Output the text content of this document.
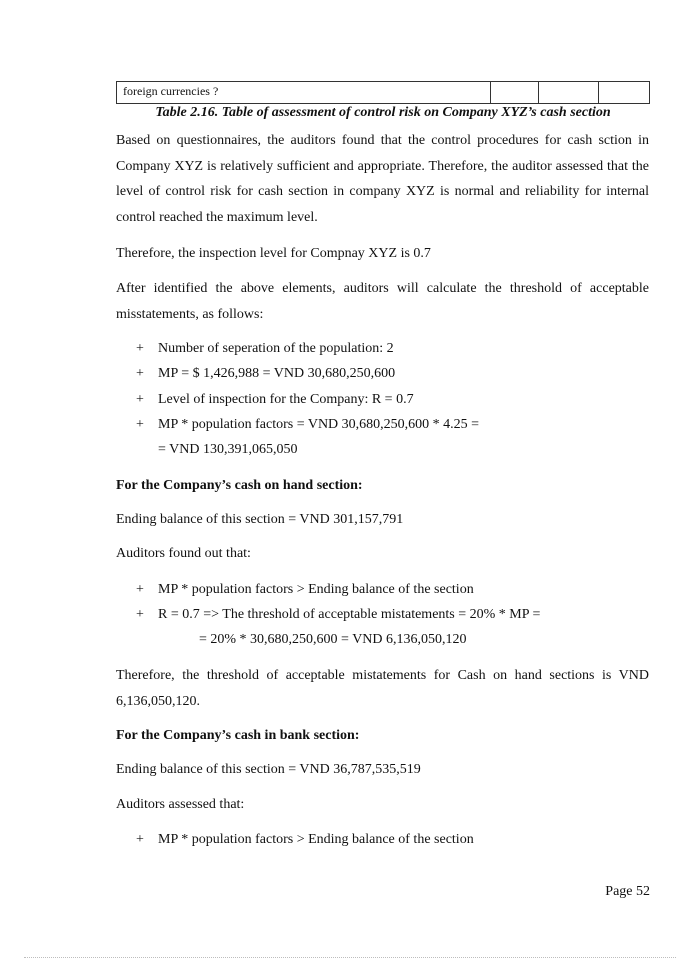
foreign currencies ?
Table 2.16. Table of assessment of control risk on Company XYZ’s cash section

Based on questionnaires, the auditors found that the control procedures for cash sction in Company XYZ is relatively sufficient and appropriate. Therefore, the auditor assessed that the level of control risk for cash section in company XYZ is normal and reliability for internal control reached the maximum level.

Therefore, the inspection level for Compnay XYZ is 0.7

After identified the above elements, auditors will calculate the threshold of acceptable misstatements, as follows:

+ Number of seperation of the population: 2
+ MP = $ 1,426,988 = VND 30,680,250,600
+ Level of inspection for the Company: R = 0.7
+ MP * population factors = VND 30,680,250,600 * 4.25 =
= VND 130,391,065,050
For the Company’s cash on hand section:

Ending balance of this section = VND 301,157,791

Auditors found out that:

+ MP * population factors > Ending balance of the section
+ R = 0.7 => The threshold of acceptable mistatements = 20% * MP =
= 20% * 30,680,250,600 = VND 6,136,050,120

Therefore, the threshold of acceptable mistatements for Cash on hand sections is VND 6,136,050,120.

For the Company’s cash in bank section:

Ending balance of this section = VND 36,787,535,519

Auditors assessed that:

+ MP * population factors > Ending balance of the section
Page 52
